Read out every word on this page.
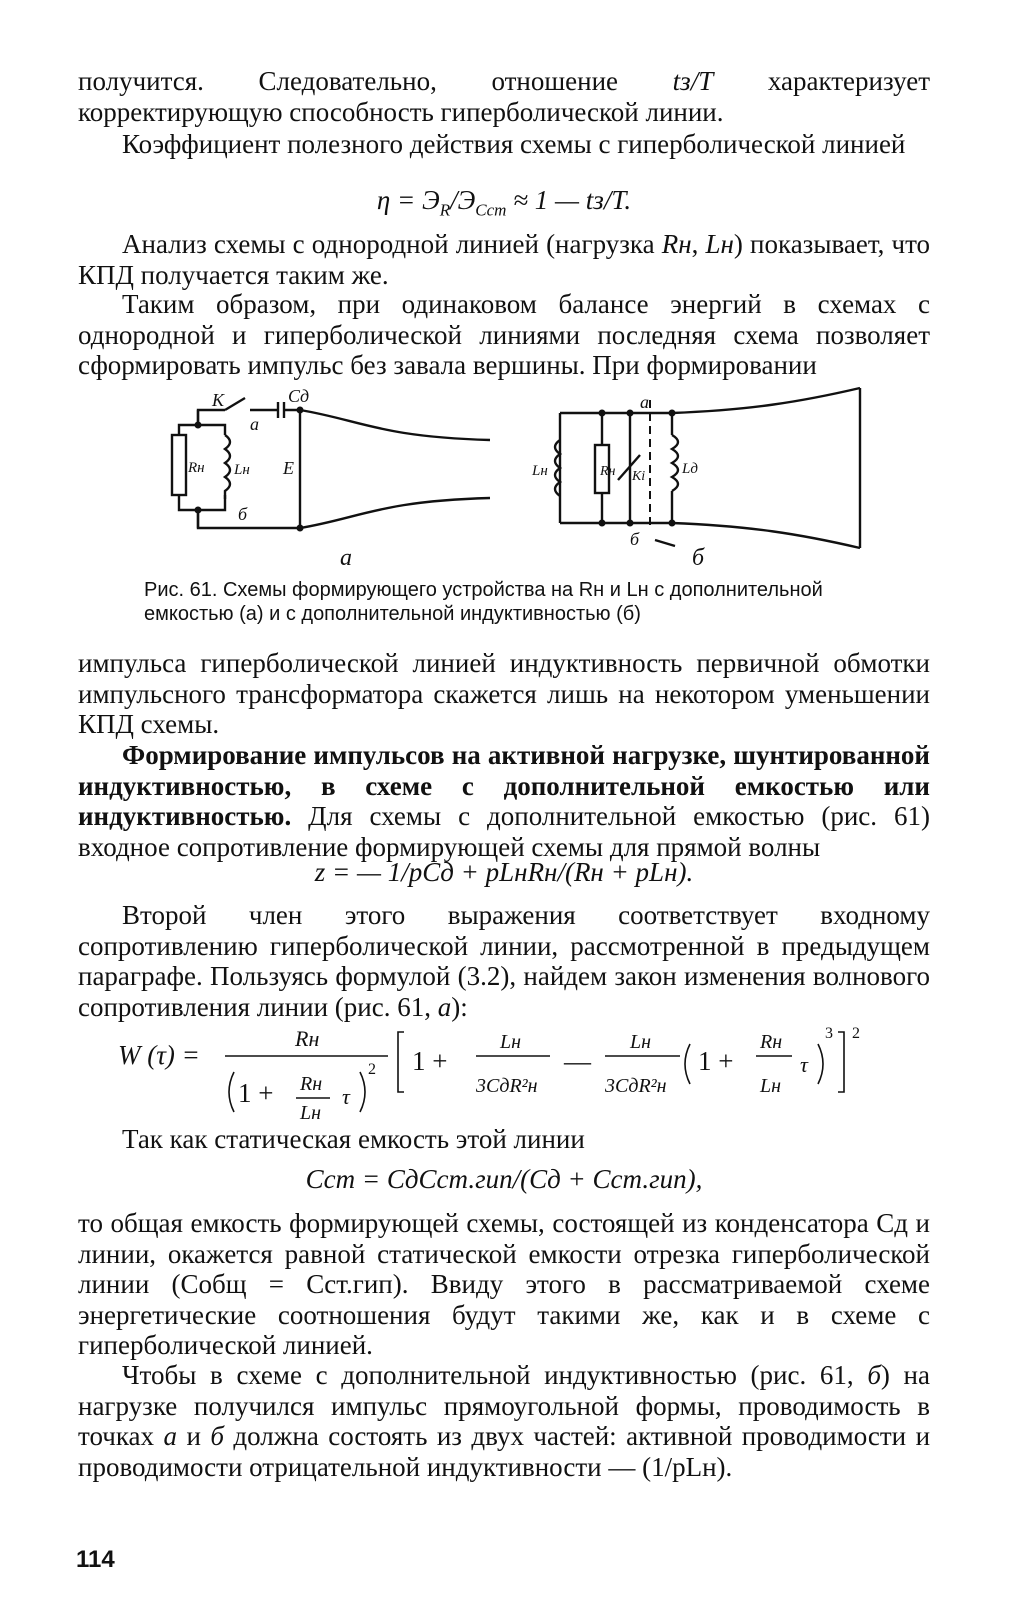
получится. Следовательно, отношение tз/T характеризует корректирующую способность гиперболической линии.

Коэффициент полезного действия схемы с гиперболической линией

$\eta = Э_R/Э_{Cст} \approx 1$ — tз/T.

Анализ схемы с однородной линией (нагрузка Rн, Lн) показывает, что КПД получается таким же.

Таким образом, при одинаковом балансе энергий в схемах с однородной и гиперболической линиями последняя схема позволяет сформировать импульс без завала вершины. При формировании

К	Cд
а
Rн Lн E
б
а
Lн	Rн Кi Lд
а
б
б

Рис. 61. Схемы формирующего устройства на Rн и Lн с дополнительной емкостью (а) и с дополнительной индуктивностью (б)

импульса гиперболической линией индуктивность первичной обмотки импульсного трансформатора скажется лишь на некотором уменьшении КПД схемы.

Формирование импульсов на активной нагрузке, шунтированной индуктивностью, в схеме с дополнительной емкостью или индуктивностью. Для схемы с дополнительной емкостью (рис. 61) входное сопротивление формирующей схемы для прямой волны

z = — 1/pCд + pLнRн/(Rн + pLн).

Второй член этого выражения соответствует входному сопротивлению гиперболической линии, рассмотренной в предыдущем параграфе. Пользуясь формулой (3.2), найдем закон изменения волнового сопротивления линии (рис. 61, а):

W (τ) =
Rн
1 + Rн
Lн
τ
2 1 +
Lн
3CдR²н
—
Lн
3CдR²н
1 +
Rн
Lн
τ
3 2

Так как статическая емкость этой линии

Cст = CдCст.гип/(Cд + Cст.гип),

то общая емкость формирующей схемы, состоящей из конденсатора Cд и линии, окажется равной статической емкости отрезка гиперболической линии (Cобщ = Cст.гип). Ввиду этого в рассматриваемой схеме энергетические соотношения будут такими же, как и в схеме с гиперболической линией.

Чтобы в схеме с дополнительной индуктивностью (рис. 61, б) на нагрузке получился импульс прямоугольной формы, проводимость в точках а и б должна состоять из двух частей: активной проводимости и проводимости отрицательной индуктивности — (1/pLн).

114
